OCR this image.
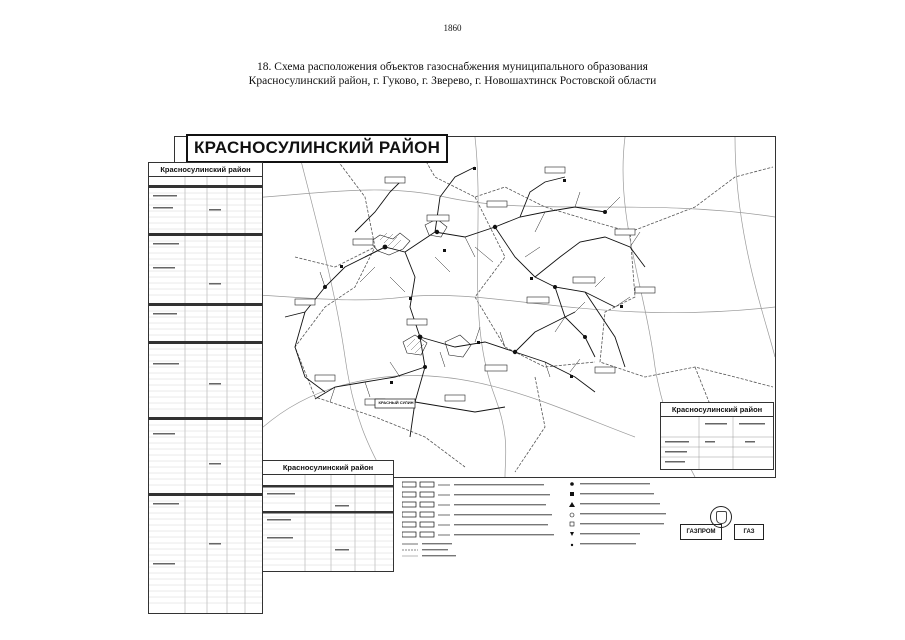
1860
18. Схема расположения объектов газоснабжения муниципального образования
Красносулинский район, г. Гуково, г. Зверево, г. Новошахтинск Ростовской области
КРАСНЫЙ СУЛИН
КРАСНОСУЛИНСКИЙ РАЙОН
Красносулинский район
Красносулинский район
Красносулинский район
ГАЗПРОМ	ГАЗ
